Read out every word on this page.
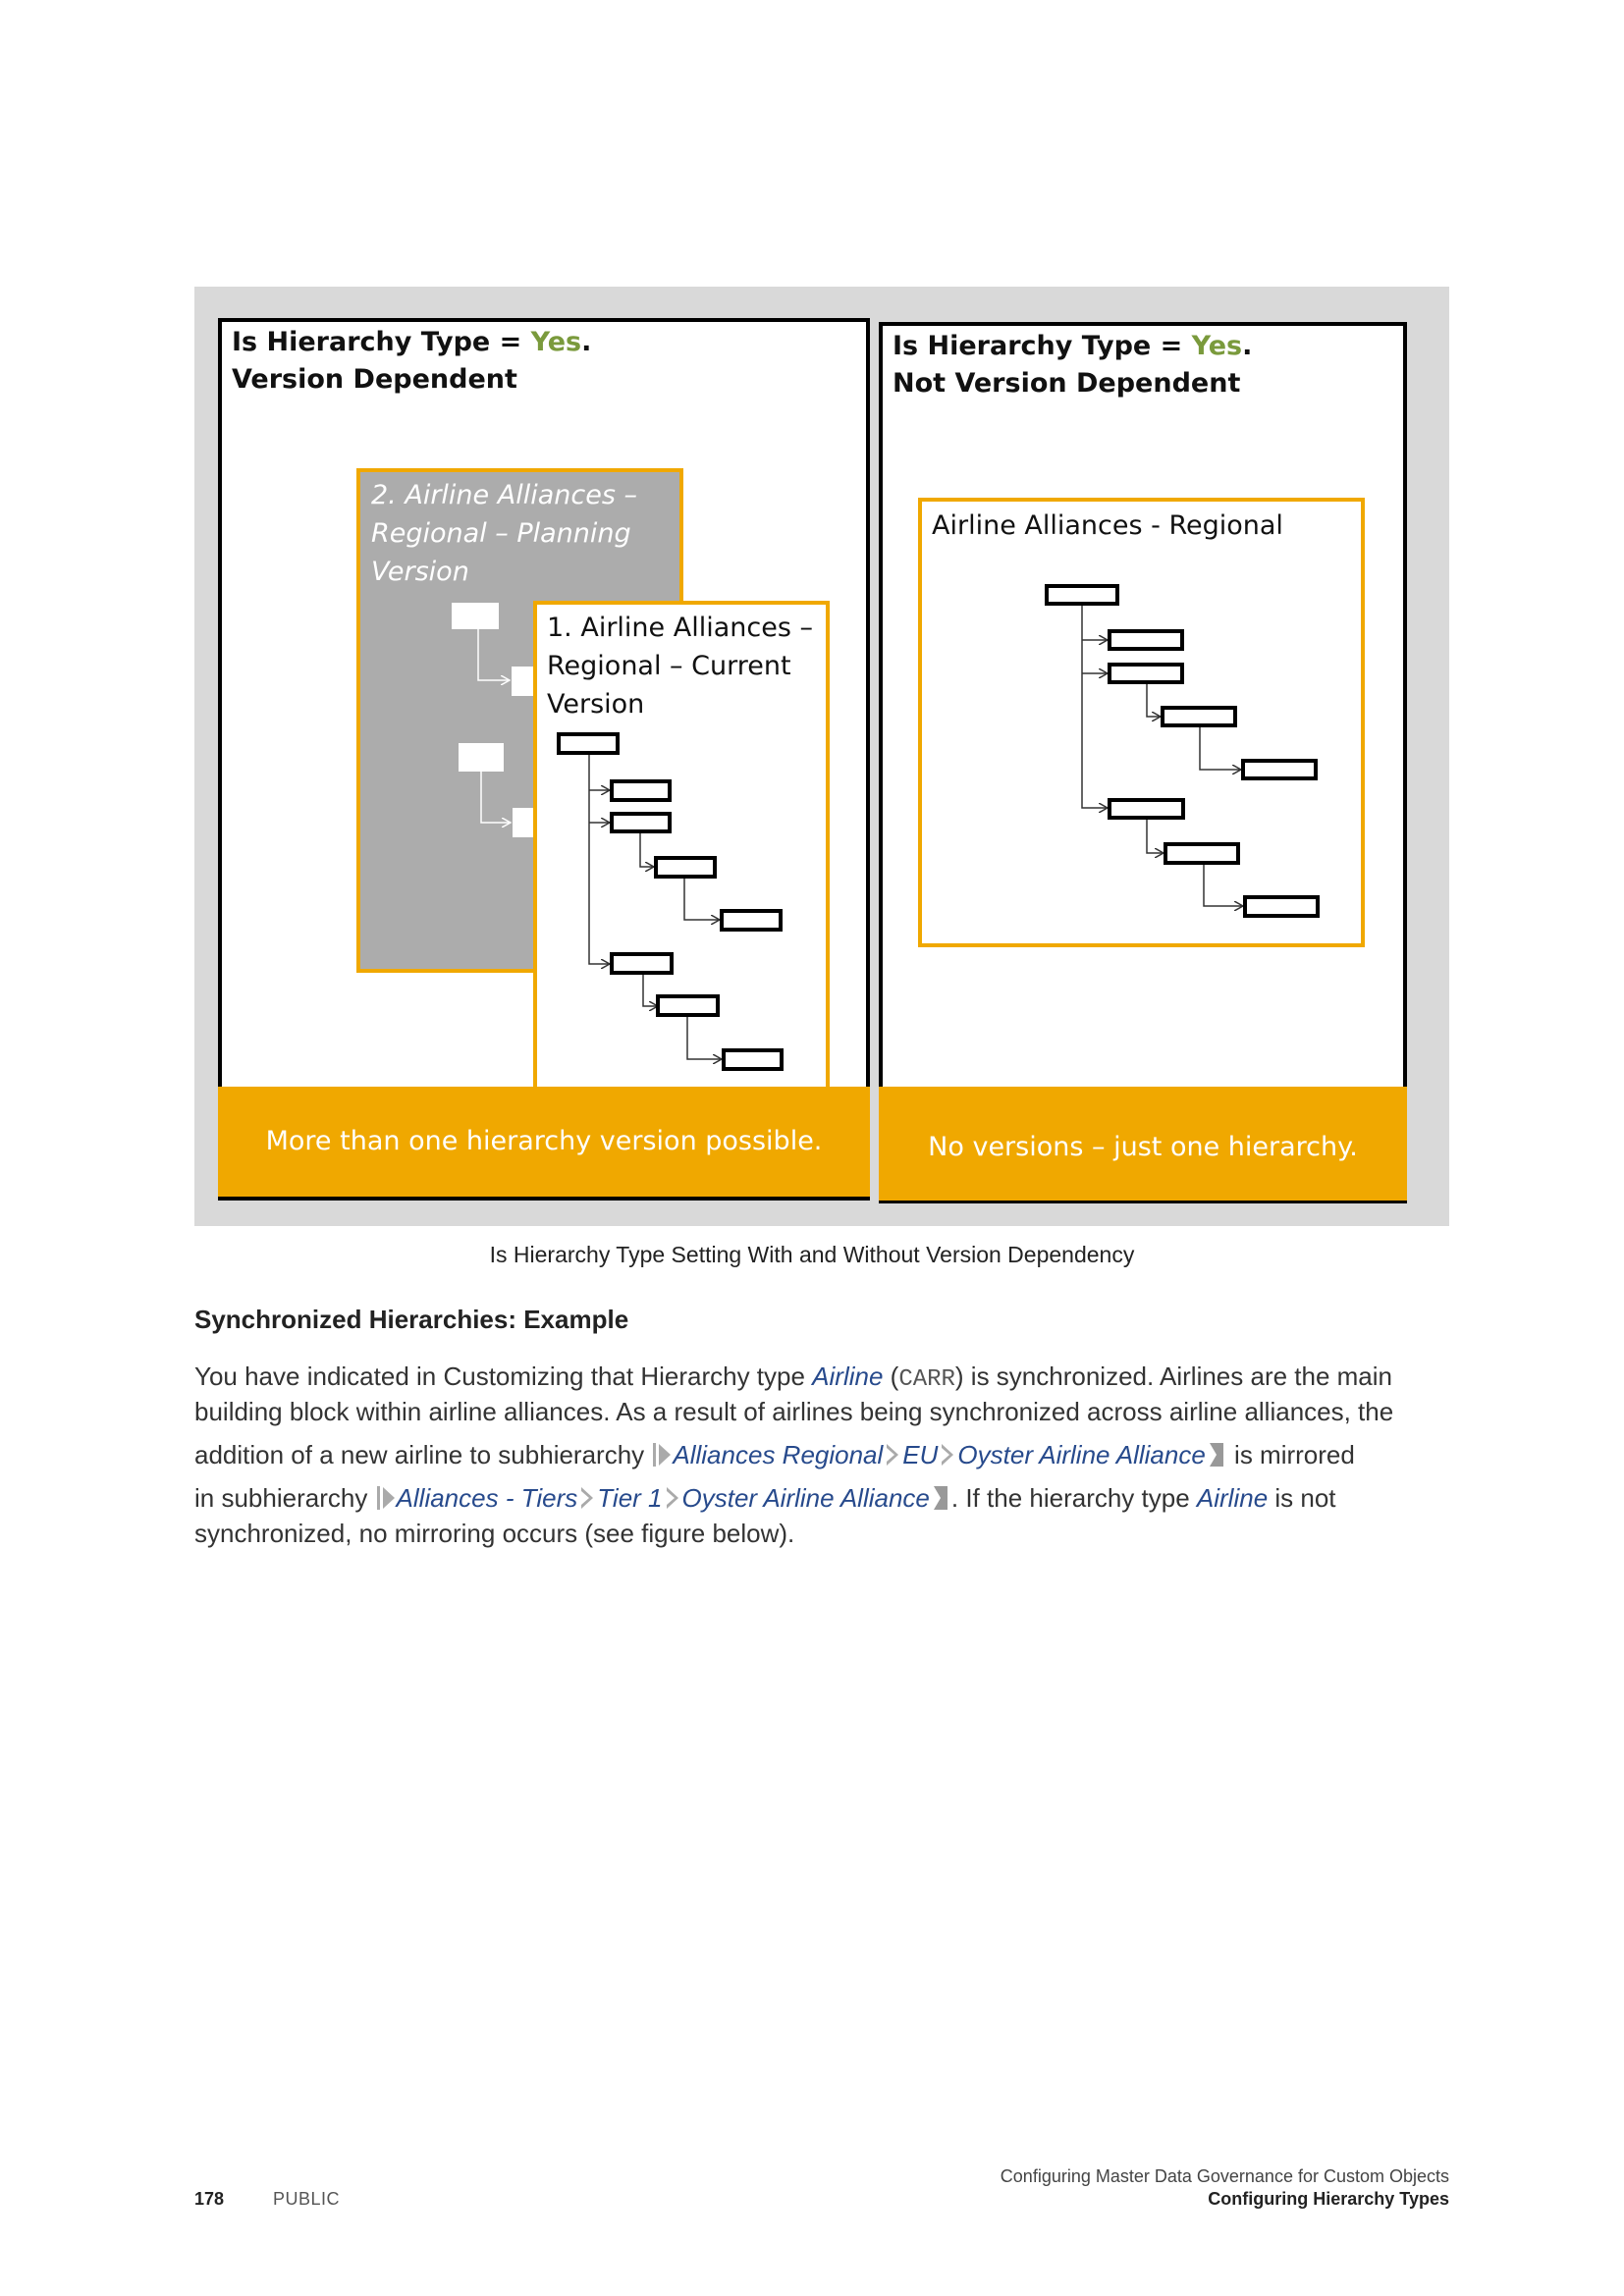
Is Hierarchy Type = Yes.
Version Dependent
Is Hierarchy Type = Yes.
Not Version Dependent
2. Airline Alliances –
Regional – Planning
Version
1. Airline Alliances –
Regional – Current
Version
Airline Alliances - Regional
More than one hierarchy version possible.	No versions – just one hierarchy.
Is Hierarchy Type Setting With and Without Version Dependency
Synchronized Hierarchies: Example
You have indicated in Customizing that Hierarchy type Airline (CARR) is synchronized. Airlines are the main
building block within airline alliances. As a result of airlines being synchronized across airline alliances, the
addition of a new airline to subhierarchy Alliances Regional EU Oyster Airline Alliance is mirrored
in subhierarchy Alliances - Tiers Tier 1 Oyster Airline Alliance . If the hierarchy type Airline is not
synchronized, no mirroring occurs (see figure below).
178	PUBLIC
Configuring Master Data Governance for Custom Objects
Configuring Hierarchy Types
